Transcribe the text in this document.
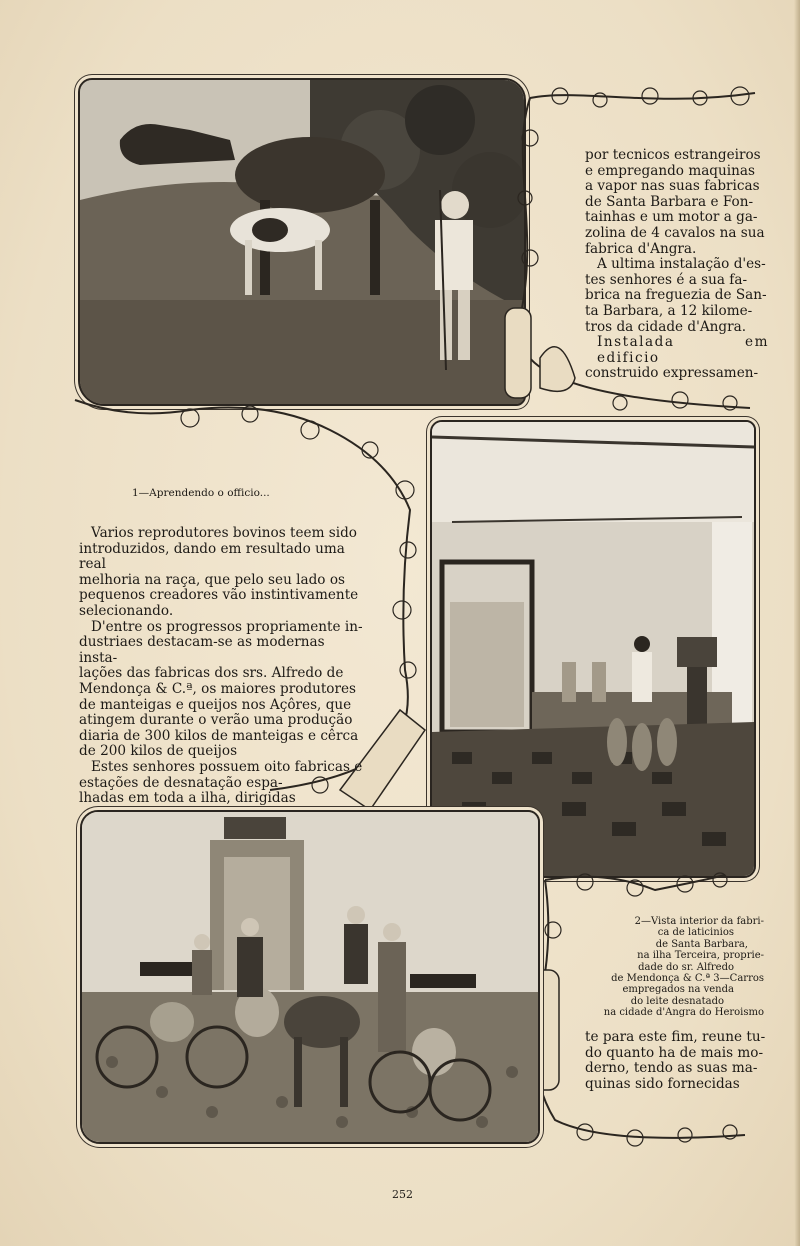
por tecnicos estrangeiros
e empregando maquinas
a vapor nas suas fabricas
de Santa Barbara e Fon-
tainhas e um motor a ga-
zolina de 4 cavalos na sua
fabrica d'Angra.
A ultima instalação d'es-
tes senhores é a sua fa-
brica na freguezia de San-
ta Barbara, a 12 kilome-
tros da cidade d'Angra.
Instalada em edificio
construido expressamen-
1—Aprendendo o officio...
Varios reprodutores bovinos teem sido
introduzidos, dando em resultado uma real
melhoria na raça, que pelo seu lado os
pequenos creadores vão instintivamente
selecionando.
D'entre os progressos propriamente in-
dustriaes destacam-se as modernas insta-
lações das fabricas dos srs. Alfredo de
Mendonça & C.ª, os maiores produtores
de manteigas e queijos nos Açôres, que
atingem durante o verão uma produção
diaria de 300 kilos de manteigas e cêrca
de 200 kilos de queijos
Estes senhores possuem oito fabricas e
estações de desnatação espa-
lhadas em toda a ilha, dirigidas
2—Vista interior da fabri-
ca de laticinios
de Santa Barbara,
na ilha Terceira, proprie-
dade do sr. Alfredo
de Mendonça & C.ª 3—Carros
empregados na venda
do leite desnatado
na cidade d'Angra do Heroismo
te para este fim, reune tu-
do quanto ha de mais mo-
derno, tendo as suas ma-
quinas sido fornecidas
252
